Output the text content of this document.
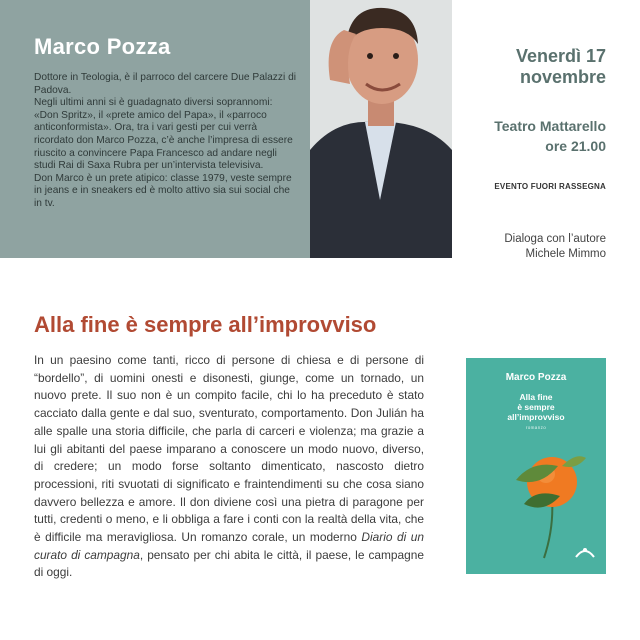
Marco Pozza

Dottore in Teologia, è il parroco del carcere Due Palazzi di Padova.

Negli ultimi anni si è guadagnato diversi soprannomi: «Don Spritz», il «prete amico del Papa», il «parroco anticonformista». Ora, tra i vari gesti per cui verrà ricordato don Marco Pozza, c’è anche l’impresa di essere riuscito a convincere Papa Francesco ad andare negli studi Rai di Saxa Rubra per un’intervista televisiva.

Don Marco è un prete atipico: classe 1979, veste sempre in jeans e in sneakers ed è molto attivo sia sui social che in tv.

Venerdì 17
novembre
Teatro Mattarello
ore 21.00
EVENTO FUORI RASSEGNA
Dialoga con l’autore
Michele Mimmo
Alla fine è sempre all’improvviso

In un paesino come tanti, ricco di persone di chiesa e di persone di “bordello”, di uomini onesti e disonesti, giunge, come un tornado, un nuovo prete. Il suo non è un compito facile, chi lo ha preceduto è stato cacciato dalla gente e dal suo, sventurato, comportamento. Don Julián ha alle spalle una storia difficile, che parla di carceri e violenza; ma grazie a lui gli abitanti del paese imparano a conoscere un modo nuovo, diverso, di credere; un modo forse soltanto dimenticato, nascosto dietro processioni, riti svuotati di significato e fraintendimenti su che cosa siano davvero bellezza e amore. Il don diviene così una pietra di paragone per tutti, credenti o meno, e li obbliga a fare i conti con la realtà della vita, che è difficile ma meravigliosa. Un romanzo corale, un moderno Diario di un curato di campagna, pensato per chi abita le città, il paese, le campagne di oggi.

Marco Pozza
Alla fine
è sempre
all’improvviso
romanzo
